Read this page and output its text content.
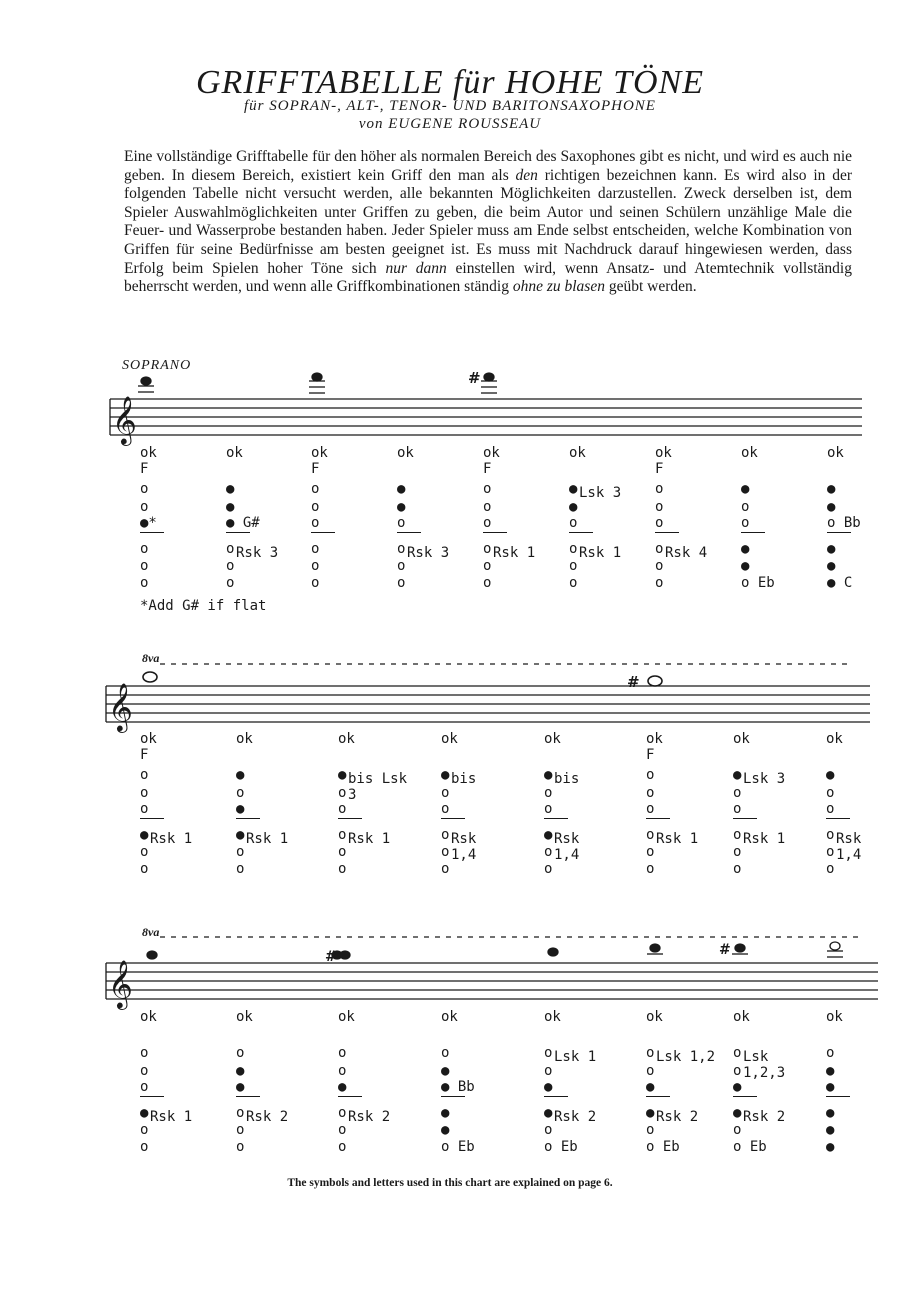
GRIFFTABELLE für HOHE TÖNE
für SOPRAN-, ALT-, TENOR- UND BARITONSAXOPHONE
von EUGENE ROUSSEAU
Eine vollständige Grifftabelle für den höher als normalen Bereich des Saxophones gibt es nicht, und wird es auch nie geben. In diesem Bereich, existiert kein Griff den man als den richtigen bezeichnen kann. Es wird also in der folgenden Tabelle nicht versucht werden, alle bekannten Möglichkeiten darzustellen. Zweck derselben ist, dem Spieler Auswahlmöglichkeiten unter Griffen zu geben, die beim Autor und seinen Schülern unzählige Male die Feuer- und Wasserprobe bestanden haben. Jeder Spieler muss am Ende selbst entscheiden, welche Kombination von Griffen für seine Bedürfnisse am besten geeignet ist. Es muss mit Nachdruck darauf hingewiesen werden, dass Erfolg beim Spielen hoher Töne sich nur dann einstellen wird, wenn Ansatz- und Atemtechnik vollständig beherrscht werden, und wenn alle Griffkombinationen ständig ohne zu blasen geübt werden.
SOPRANO
𝄞
𝄞
𝄞
#
#
#	#
8va
8va
ok
F
o
o
●*
o
o
o
ok
●
●
● G#
o
o
o
Rsk 3
ok
F
o
o
o
o
o
o
ok
●
●
o
o
o
o
Rsk 3
ok
F
o
o
o
o
o
o
Rsk 1
ok
●
●
o
o
o
o
Lsk 3
Rsk 1
ok
F
o
o
o
o
o
o
Rsk 4
ok
●
o
o
●
●
o Eb
ok
●
●
o Bb
●
●
● C
ok
F
o
o
o
●
o
o
Rsk 1
ok
●
o
●
●
o
o
Rsk 1
ok
●
o
o
o
o
o
bis Lsk 3
Rsk 1
ok
●
o
o
o
o
o
bis
Rsk 1,4
ok
●
o
o
●
o
o
bis
Rsk 1,4
ok
F
o
o
o
o
o
o
Rsk 1
ok
●
o
o
o
o
o
Lsk 3
Rsk 1
ok
●
o
o
o
o
o
Rsk 1,4
ok
o
o
o
●
o
o
Rsk 1
ok
o
●
●
o
o
o
Rsk 2
ok
o
o
●
o
o
o
Rsk 2
ok
o
●
● Bb
●
●
o Eb
ok
o
o
●
●
o
o Eb
Lsk 1
Rsk 2
ok
o
o
●
●
o
o Eb
Lsk 1,2
Rsk 2
ok
o
o
●
●
o
o Eb
Lsk 1,2,3
Rsk 2
ok
o
●
●
●
●
●
*Add G# if flat
The symbols and letters used in this chart are explained on page 6.
